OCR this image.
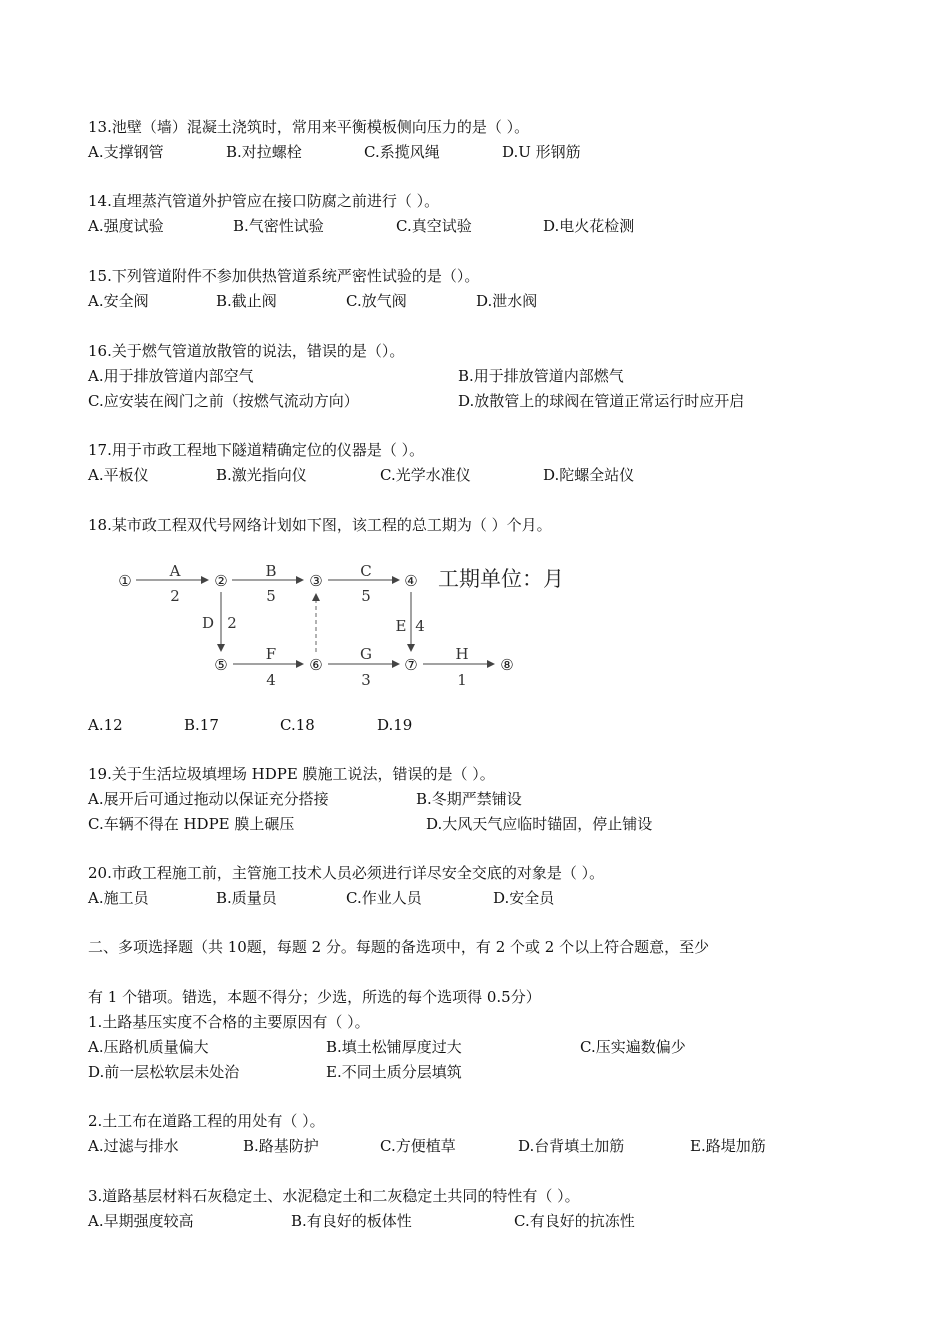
13.池壁（墙）混凝土浇筑时，常用来平衡模板侧向压力的是（ ）。
A.支撑钢管	B.对拉螺栓	C.系揽风绳	D.U 形钢筋
14.直埋蒸汽管道外护管应在接口防腐之前进行（ ）。
A.强度试验	B.气密性试验	C.真空试验	D.电火花检测
15.下列管道附件不参加供热管道系统严密性试验的是（）。
A.安全阀	B.截止阀	C.放气阀	D.泄水阀
16.关于燃气管道放散管的说法，错误的是（）。
A.用于排放管道内部空气	B.用于排放管道内部燃气
C.应安装在阀门之前（按燃气流动方向）	D.放散管上的球阀在管道正常运行时应开启
17.用于市政工程地下隧道精确定位的仪器是（ ）。
A.平板仪	B.激光指向仪	C.光学水准仪	D.陀螺全站仪
18.某市政工程双代号网络计划如下图，该工程的总工期为（ ）个月。
①	②	③	④
⑤	⑥	⑦	⑧
A
2
B
5
C
5
D 2	E 4
F
4
G
3
H
1
工期单位：月
A.12	B.17	C.18	D.19
19.关于生活垃圾填埋场 HDPE 膜施工说法，错误的是（ ）。
A.展开后可通过拖动以保证充分搭接	B.冬期严禁铺设
C.车辆不得在 HDPE 膜上碾压	D.大风天气应临时锚固，停止铺设
20.市政工程施工前，主管施工技术人员必须进行详尽安全交底的对象是（ ）。
A.施工员	B.质量员	C.作业人员	D.安全员
二、多项选择题（共 10题，每题 2 分。每题的备选项中，有 2 个或 2 个以上符合题意，至少
有 1 个错项。错选，本题不得分；少选，所选的每个选项得 0.5分）
1.土路基压实度不合格的主要原因有（ ）。
A.压路机质量偏大	B.填土松铺厚度过大	C.压实遍数偏少
D.前一层松软层未处治	E.不同土质分层填筑
2.土工布在道路工程的用处有（ ）。
A.过滤与排水	B.路基防护	C.方便植草	D.台背填土加筋	E.路堤加筋
3.道路基层材料石灰稳定土、水泥稳定土和二灰稳定土共同的特性有（ ）。
A.早期强度较高	B.有良好的板体性	C.有良好的抗冻性
